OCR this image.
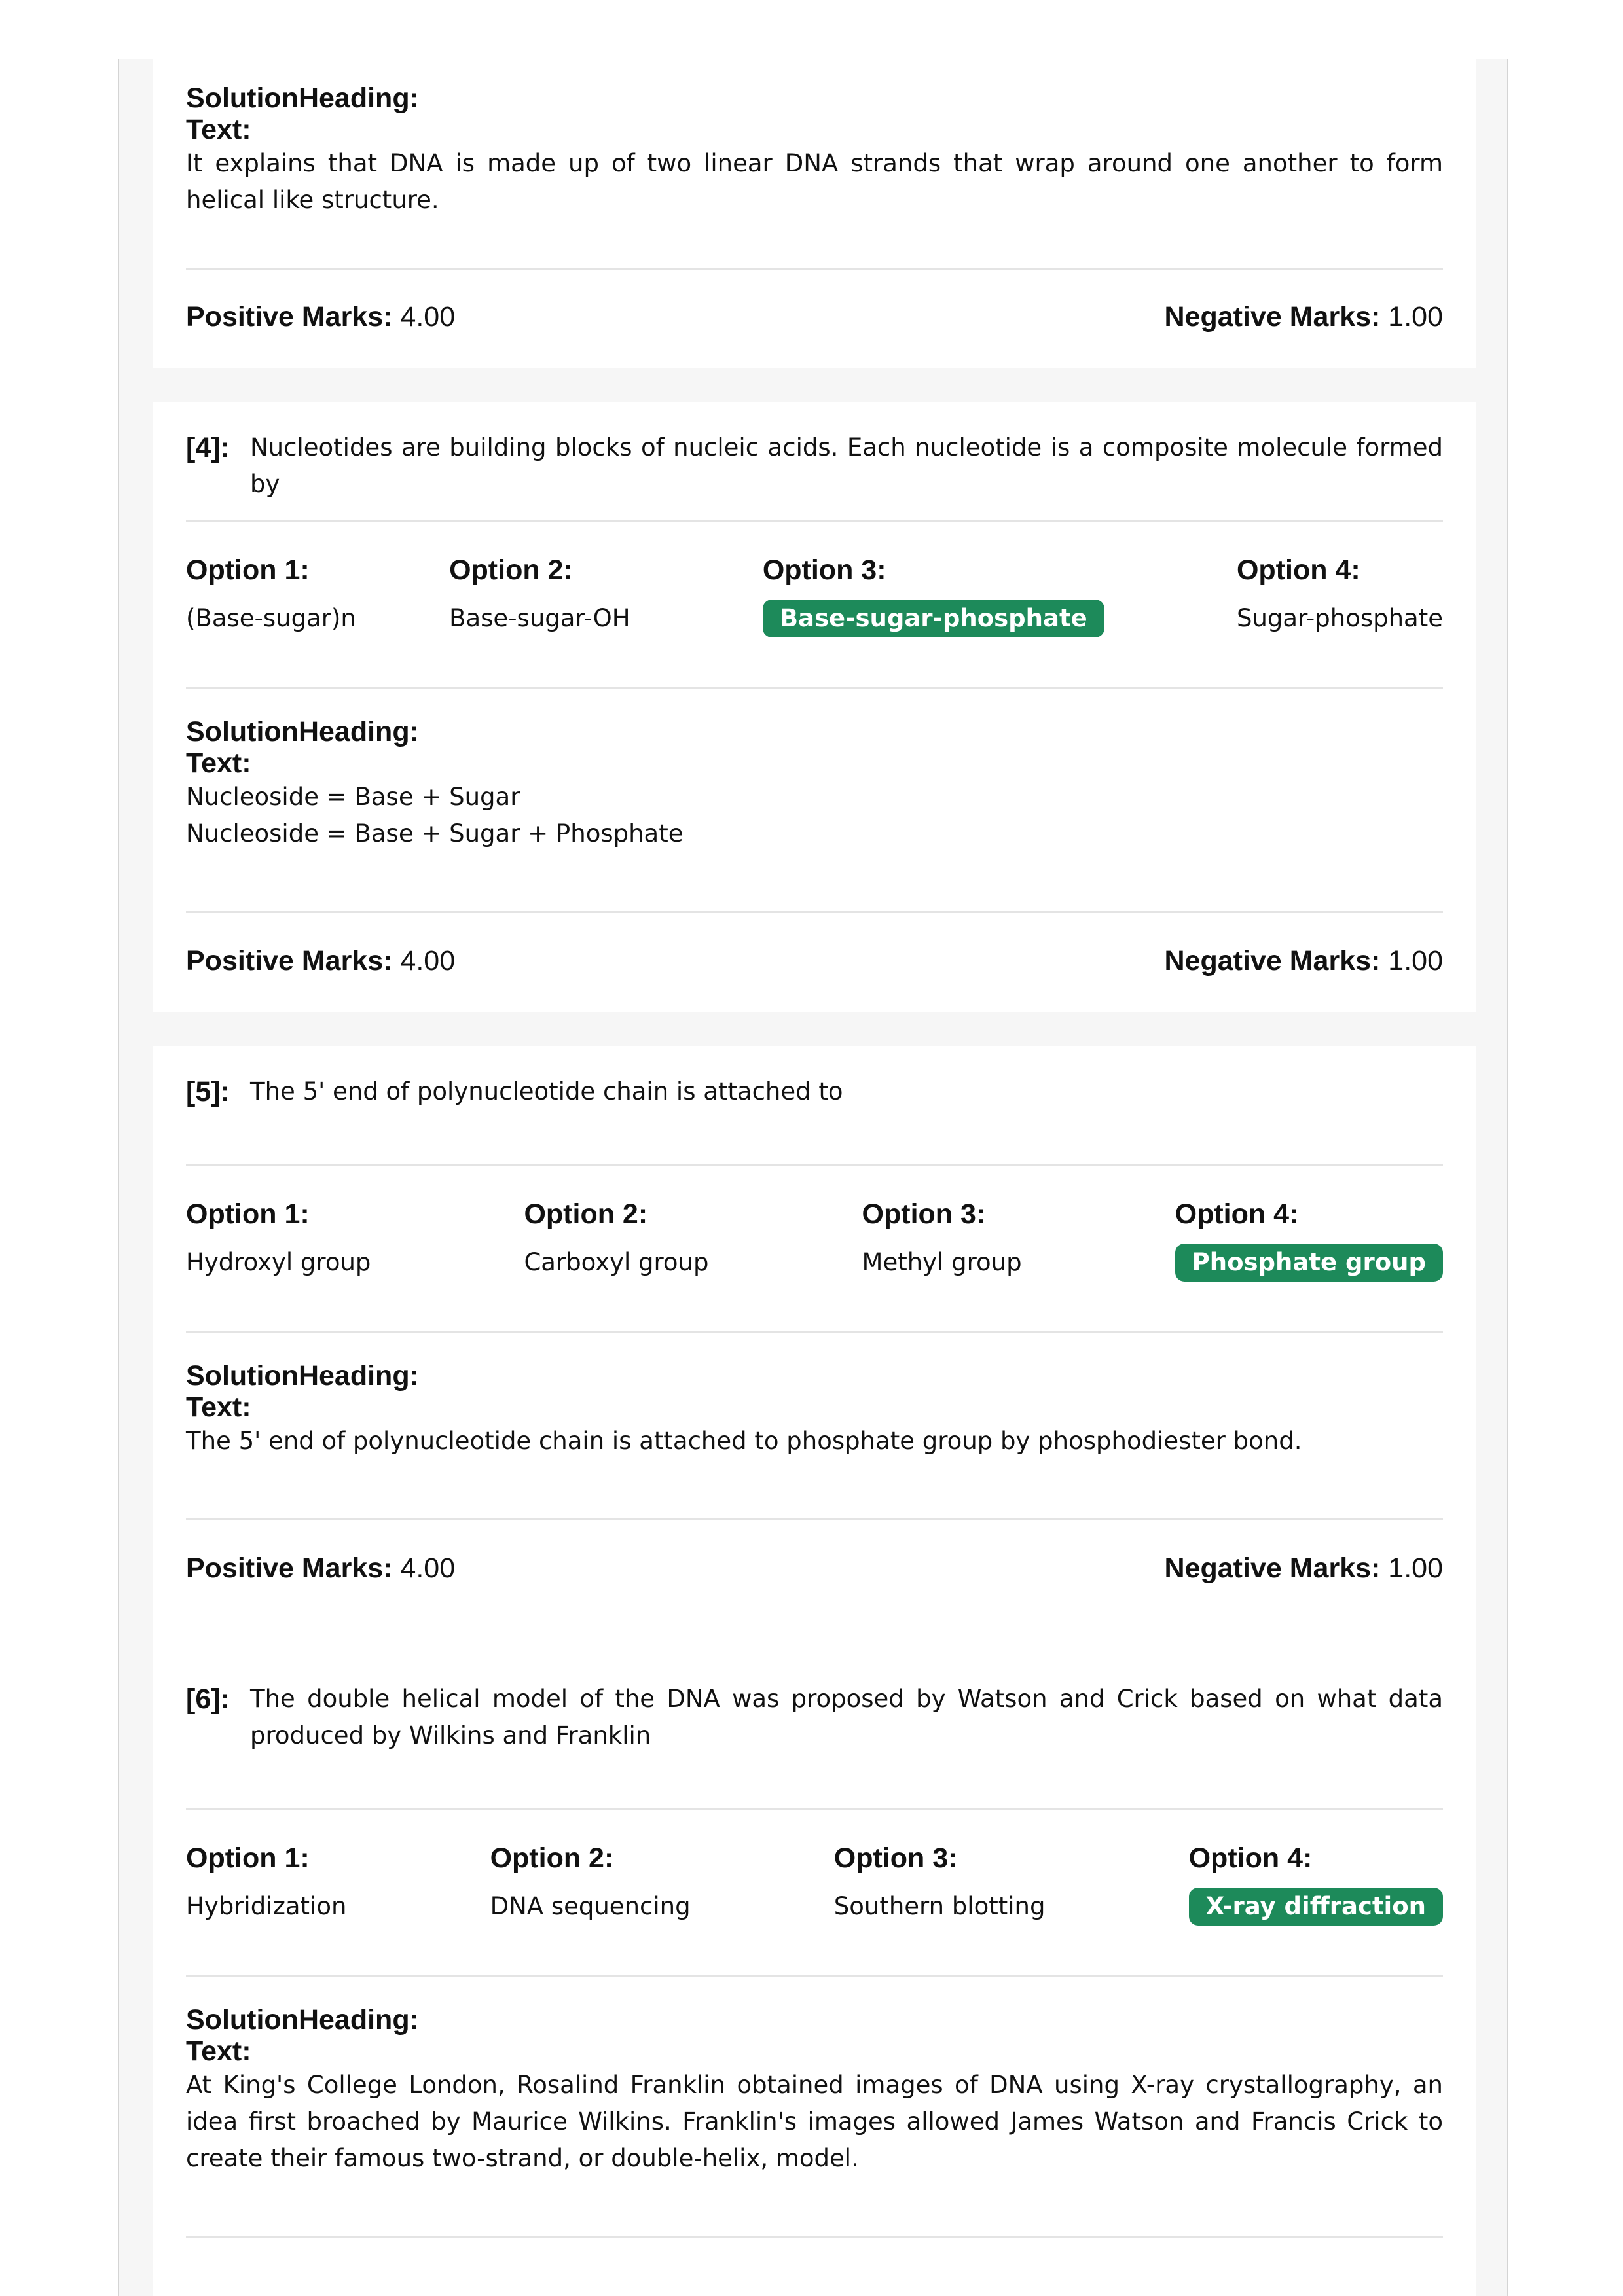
SolutionHeading:
Text:
It explains that DNA is made up of two linear DNA strands that wrap around one another to form helical like structure.
Positive Marks: 4.00	Negative Marks: 1.00
[4]: Nucleotides are building blocks of nucleic acids. Each nucleotide is a composite molecule formed by
Option 1:
(Base-sugar)n
Option 2:
Base-sugar-OH
Option 3:
Base-sugar-phosphate
Option 4:
Sugar-phosphate
SolutionHeading:
Text:
Nucleoside = Base + Sugar
Nucleoside = Base + Sugar + Phosphate
Positive Marks: 4.00	Negative Marks: 1.00
[5]: The 5' end of polynucleotide chain is attached to
Option 1:
Hydroxyl group
Option 2:
Carboxyl group
Option 3:
Methyl group
Option 4:
Phosphate group
SolutionHeading:
Text:
The 5' end of polynucleotide chain is attached to phosphate group by phosphodiester bond.
Positive Marks: 4.00	Negative Marks: 1.00
[6]: The double helical model of the DNA was proposed by Watson and Crick based on what data produced by Wilkins and Franklin
Option 1:
Hybridization
Option 2:
DNA sequencing
Option 3:
Southern blotting
Option 4:
X-ray diffraction
SolutionHeading:
Text:
At King's College London, Rosalind Franklin obtained images of DNA using X-ray crystallography, an idea first broached by Maurice Wilkins. Franklin's images allowed James Watson and Francis Crick to create their famous two-strand, or double-helix, model.
